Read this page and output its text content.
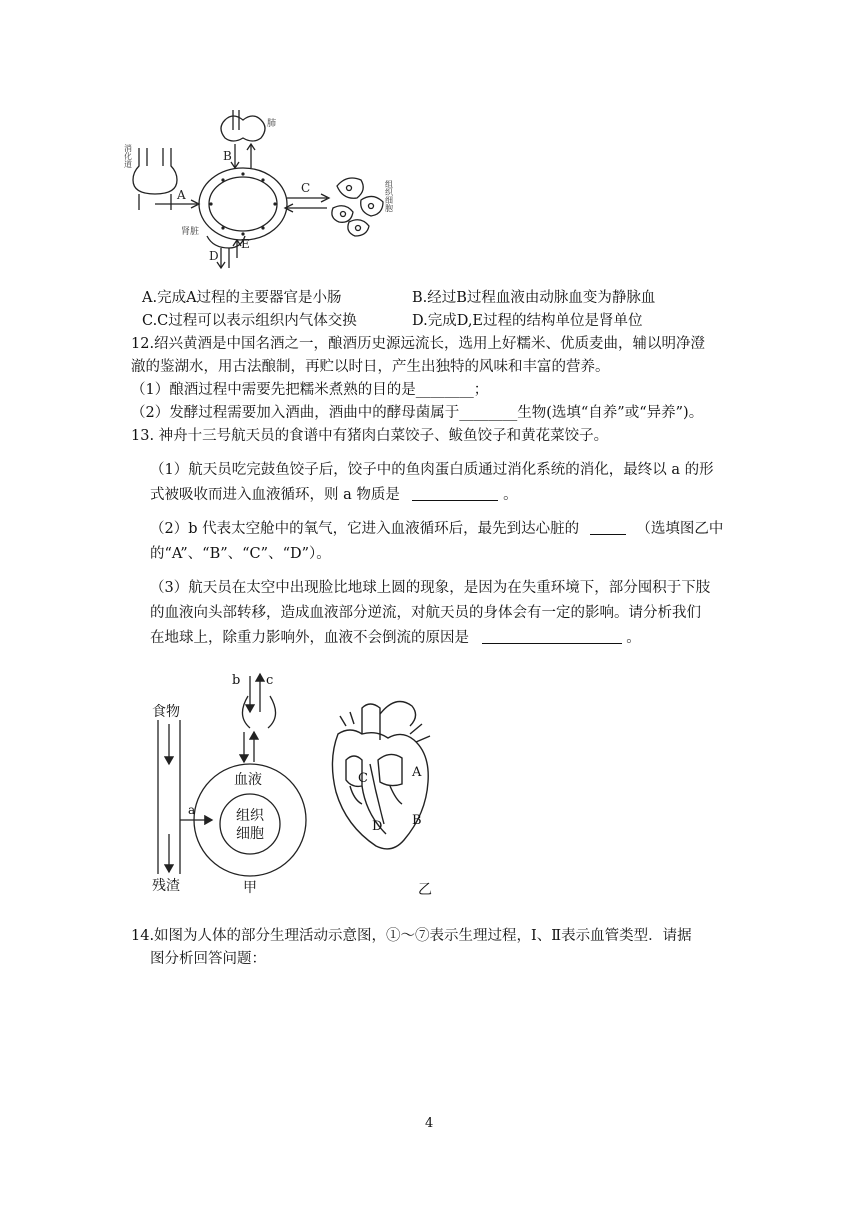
A
B
C
D
E
肺
肾脏
消化道
组织细胞
A.完成A过程的主要器官是小肠	B.经过B过程血液由动脉血变为静脉血
C.C过程可以表示组织内气体交换	D.完成D,E过程的结构单位是肾单位
12.绍兴黄酒是中国名酒之一，酿酒历史源远流长，选用上好糯米、优质麦曲，辅以明净澄
澈的鉴湖水，用古法酿制，再贮以时日，产生出独特的风味和丰富的营养。
（1）酿酒过程中需要先把糯米煮熟的目的是________；
（2）发酵过程需要加入酒曲，酒曲中的酵母菌属于________生物(选填“自养”或“异养”)。
13. 神舟十三号航天员的食谱中有猪肉白菜饺子、鲅鱼饺子和黄花菜饺子。
（1）航天员吃完鼓鱼饺子后，饺子中的鱼肉蛋白质通过消化系统的消化，最终以 a 的形
式被吸收而进入血液循环，则 a 物质是	。
（2）b 代表太空舱中的氧气，它进入血液循环后，最先到达心脏的	（选填图乙中
的“A”、“B”、“C”、“D”）。
（3）航天员在太空中出现脸比地球上圆的现象，是因为在失重环境下，部分囤积于下肢
的血液向头部转移，造成血液部分逆流，对航天员的身体会有一定的影响。请分析我们
在地球上，除重力影响外，血液不会倒流的原因是	。
b c
食物
残渣
a
血液
组织
细胞
甲
A
B
C
D
乙
14.如图为人体的部分生理活动示意图，①～⑦表示生理过程，Ⅰ、Ⅱ表示血管类型．请据
图分析回答问题：
4
